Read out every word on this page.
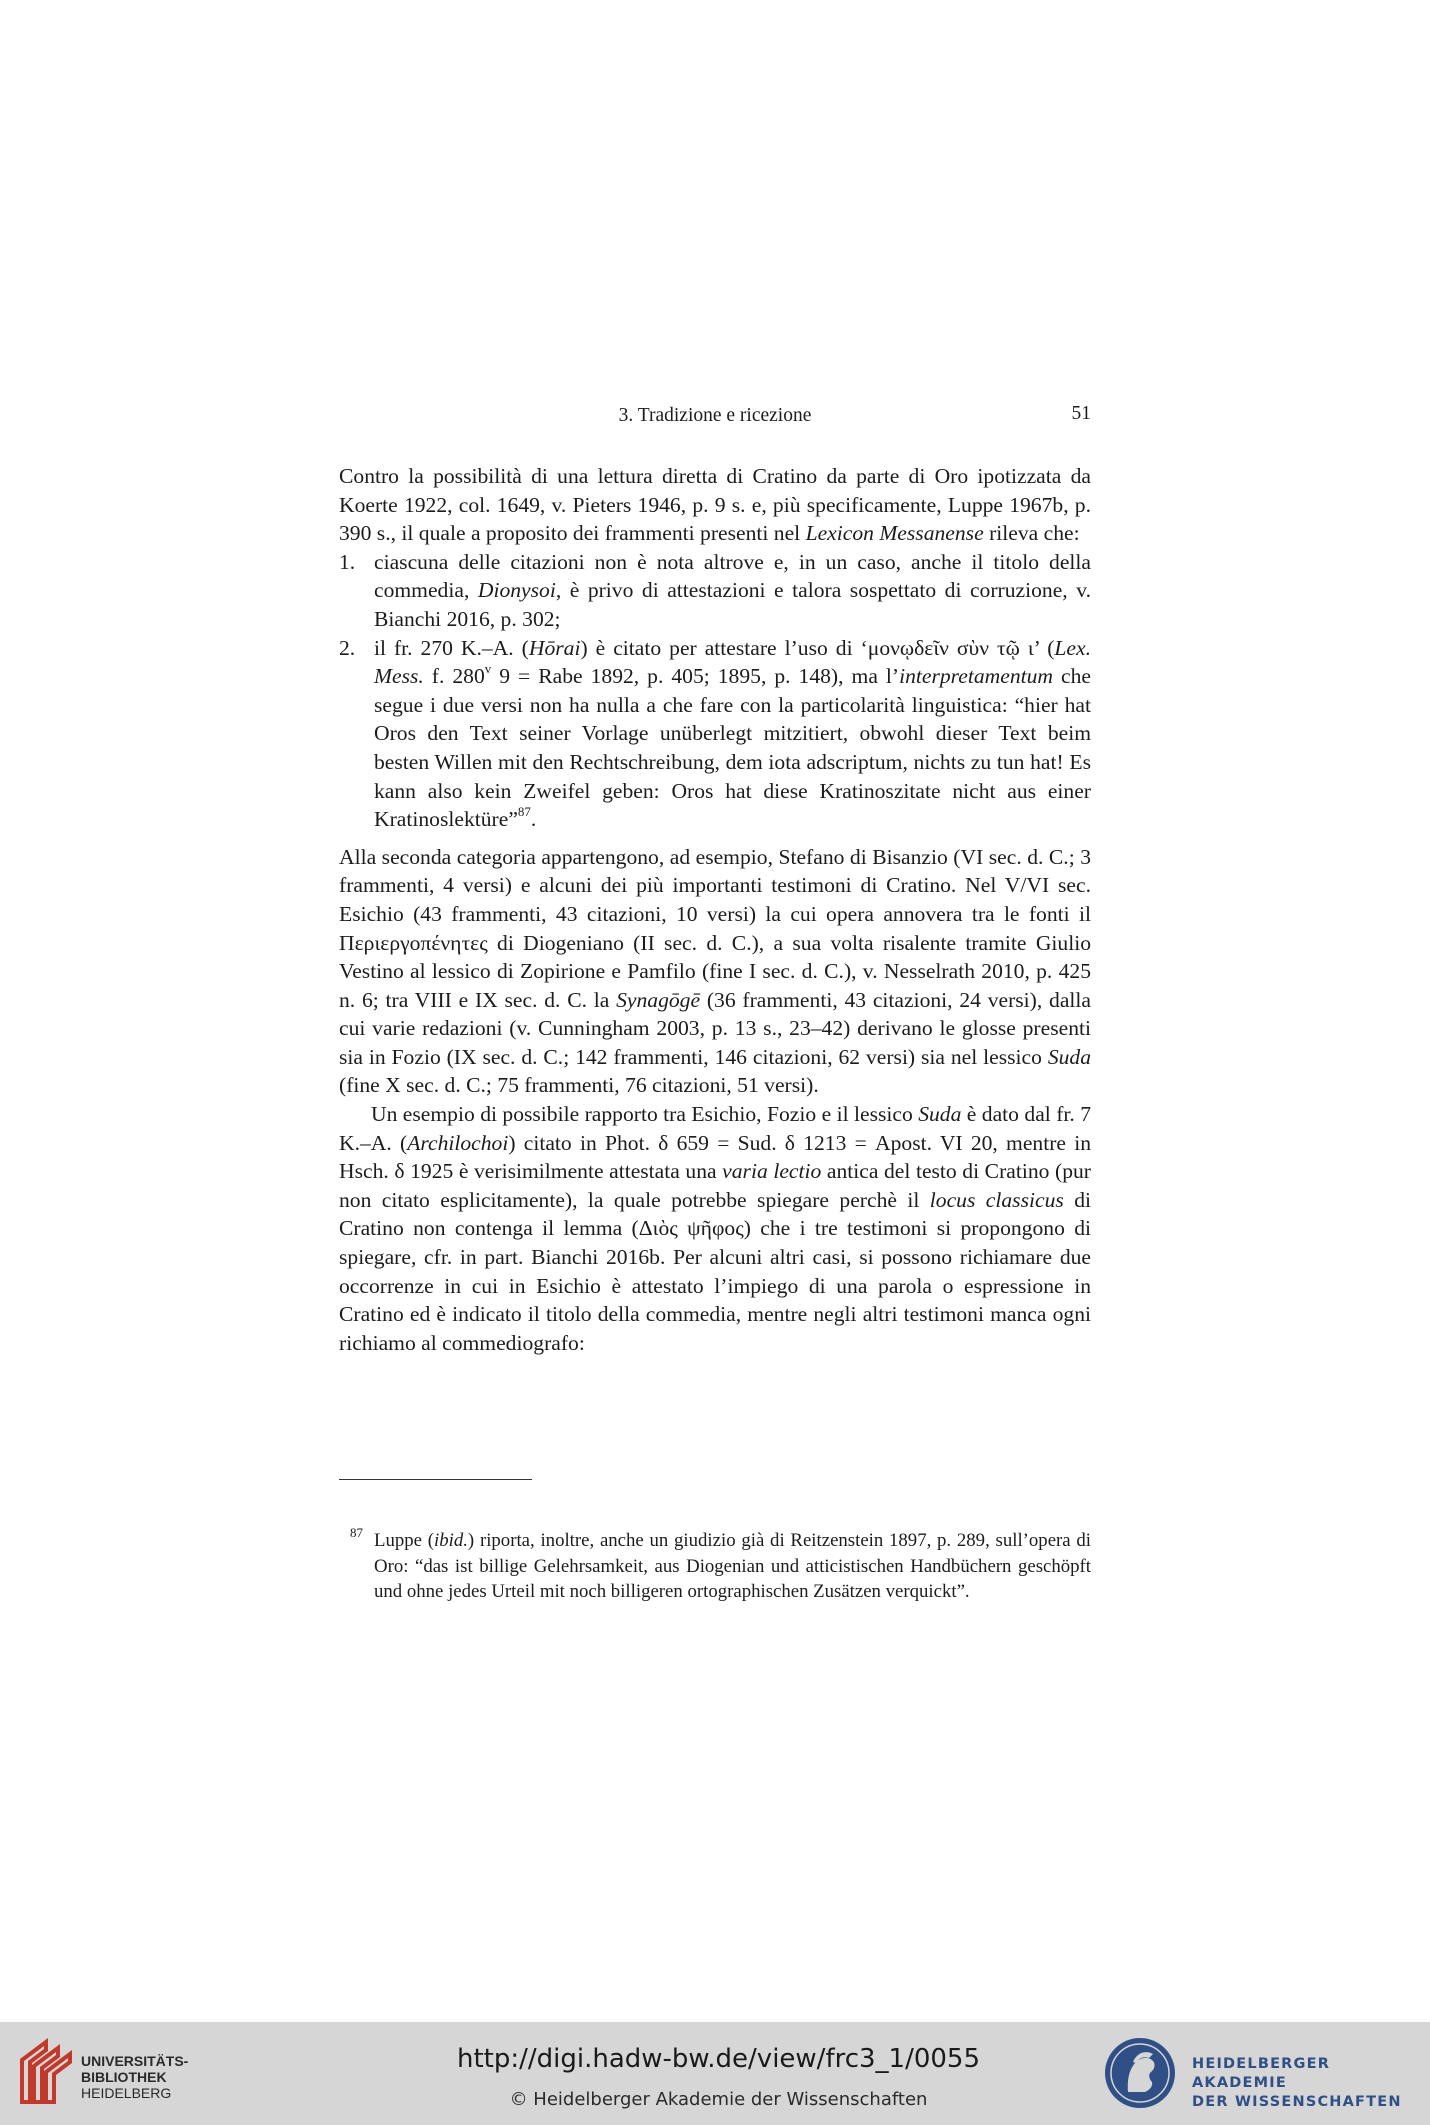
3. Tradizione e ricezione	51

Contro la possibilità di una lettura diretta di Cratino da parte di Oro ipotizzata da Koerte 1922, col. 1649, v. Pieters 1946, p. 9 s. e, più specificamente, Luppe 1967b, p. 390 s., il quale a proposito dei frammenti presenti nel Lexicon Messanense rileva che:

1. ciascuna delle citazioni non è nota altrove e, in un caso, anche il titolo della commedia, Dionysoi, è privo di attestazioni e talora sospettato di corruzione, v. Bianchi 2016, p. 302;
2. il fr. 270 K.–A. (Hōrai) è citato per attestare l’uso di ‘μονῳδεῖν σὺν τῷ ι’ (Lex. Mess. f. 280$^v$ 9 = Rabe 1892, p. 405; 1895, p. 148), ma l’interpretamentum che segue i due versi non ha nulla a che fare con la particolarità linguistica: “hier hat Oros den Text seiner Vorlage unüberlegt mitzitiert, obwohl dieser Text beim besten Willen mit den Rechtschreibung, dem iota adscriptum, nichts zu tun hat! Es kann also kein Zweifel geben: Oros hat diese Kratinoszitate nicht aus einer Kratinoslektüre”$^{87}$.

Alla seconda categoria appartengono, ad esempio, Stefano di Bisanzio (VI sec. d. C.; 3 frammenti, 4 versi) e alcuni dei più importanti testimoni di Cratino. Nel V/VI sec. Esichio (43 frammenti, 43 citazioni, 10 versi) la cui opera annovera tra le fonti il Περιεργοπένητες di Diogeniano (II sec. d. C.), a sua volta risalente tramite Giulio Vestino al lessico di Zopirione e Pamfilo (fine I sec. d. C.), v. Nesselrath 2010, p. 425 n. 6; tra VIII e IX sec. d. C. la Synagōgē (36 frammenti, 43 citazioni, 24 versi), dalla cui varie redazioni (v. Cunningham 2003, p. 13 s., 23–42) derivano le glosse presenti sia in Fozio (IX sec. d. C.; 142 frammenti, 146 citazioni, 62 versi) sia nel lessico Suda (fine X sec. d. C.; 75 frammenti, 76 citazioni, 51 versi).

Un esempio di possibile rapporto tra Esichio, Fozio e il lessico Suda è dato dal fr. 7 K.–A. (Archilochoi) citato in Phot. δ 659 = Sud. δ 1213 = Apost. VI 20, mentre in Hsch. δ 1925 è verisimilmente attestata una varia lectio antica del testo di Cratino (pur non citato esplicitamente), la quale potrebbe spiegare perchè il locus classicus di Cratino non contenga il lemma (Διὸς ψῆφος) che i tre testimoni si propongono di spiegare, cfr. in part. Bianchi 2016b. Per alcuni altri casi, si possono richiamare due occorrenze in cui in Esichio è attestato l’impiego di una parola o espressione in Cratino ed è indicato il titolo della commedia, mentre negli altri testimoni manca ogni richiamo al commediografo:

87 Luppe (ibid.) riporta, inoltre, anche un giudizio già di Reitzenstein 1897, p. 289, sull’opera di Oro: “das ist billige Gelehrsamkeit, aus Diogenian und atticistischen Handbüchern geschöpft und ohne jedes Urteil mit noch billigeren ortographischen Zusätzen verquickt”.
UNIVERSITÄTS-
BIBLIOTHEK
HEIDELBERG
http://digi.hadw-bw.de/view/frc3_1/0055
© Heidelberger Akademie der Wissenschaften
HEIDELBERGER AKADEMIE
DER WISSENSCHAFTEN
